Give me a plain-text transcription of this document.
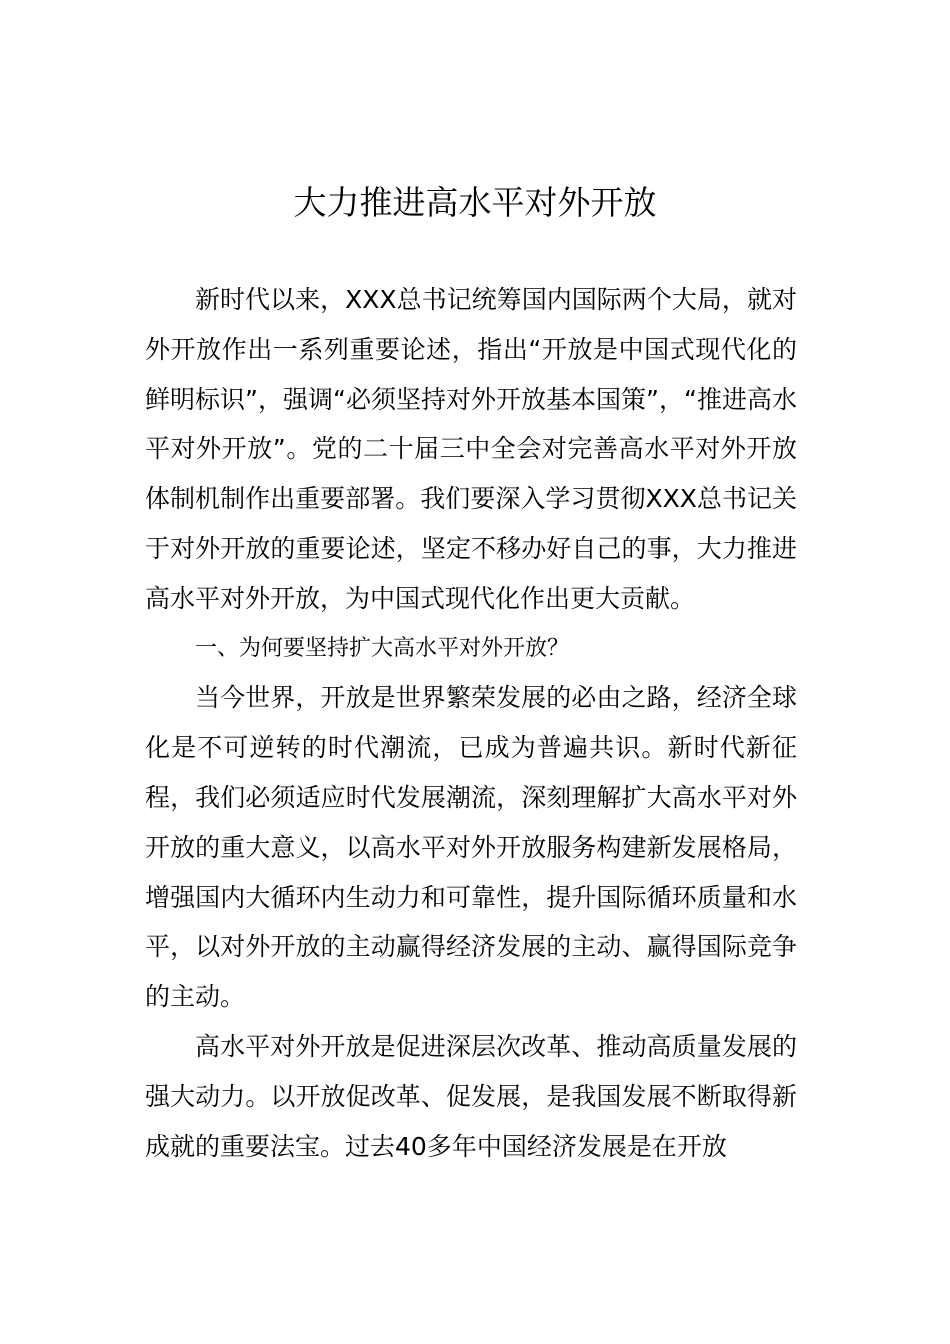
大力推进高水平对外开放

新时代以来，XXX总书记统筹国内国际两个大局，就对外开放作出一系列重要论述，指出“开放是中国式现代化的鲜明标识”，强调“必须坚持对外开放基本国策”，“推进高水平对外开放”。党的二十届三中全会对完善高水平对外开放体制机制作出重要部署。我们要深入学习贯彻XXX总书记关于对外开放的重要论述，坚定不移办好自己的事，大力推进高水平对外开放，为中国式现代化作出更大贡献。

一、为何要坚持扩大高水平对外开放？

当今世界，开放是世界繁荣发展的必由之路，经济全球化是不可逆转的时代潮流，已成为普遍共识。新时代新征程，我们必须适应时代发展潮流，深刻理解扩大高水平对外开放的重大意义，以高水平对外开放服务构建新发展格局，增强国内大循环内生动力和可靠性，提升国际循环质量和水平，以对外开放的主动赢得经济发展的主动、赢得国际竞争的主动。

高水平对外开放是促进深层次改革、推动高质量发展的强大动力。以开放促改革、促发展，是我国发展不断取得新成就的重要法宝。过去40多年中国经济发展是在开放
